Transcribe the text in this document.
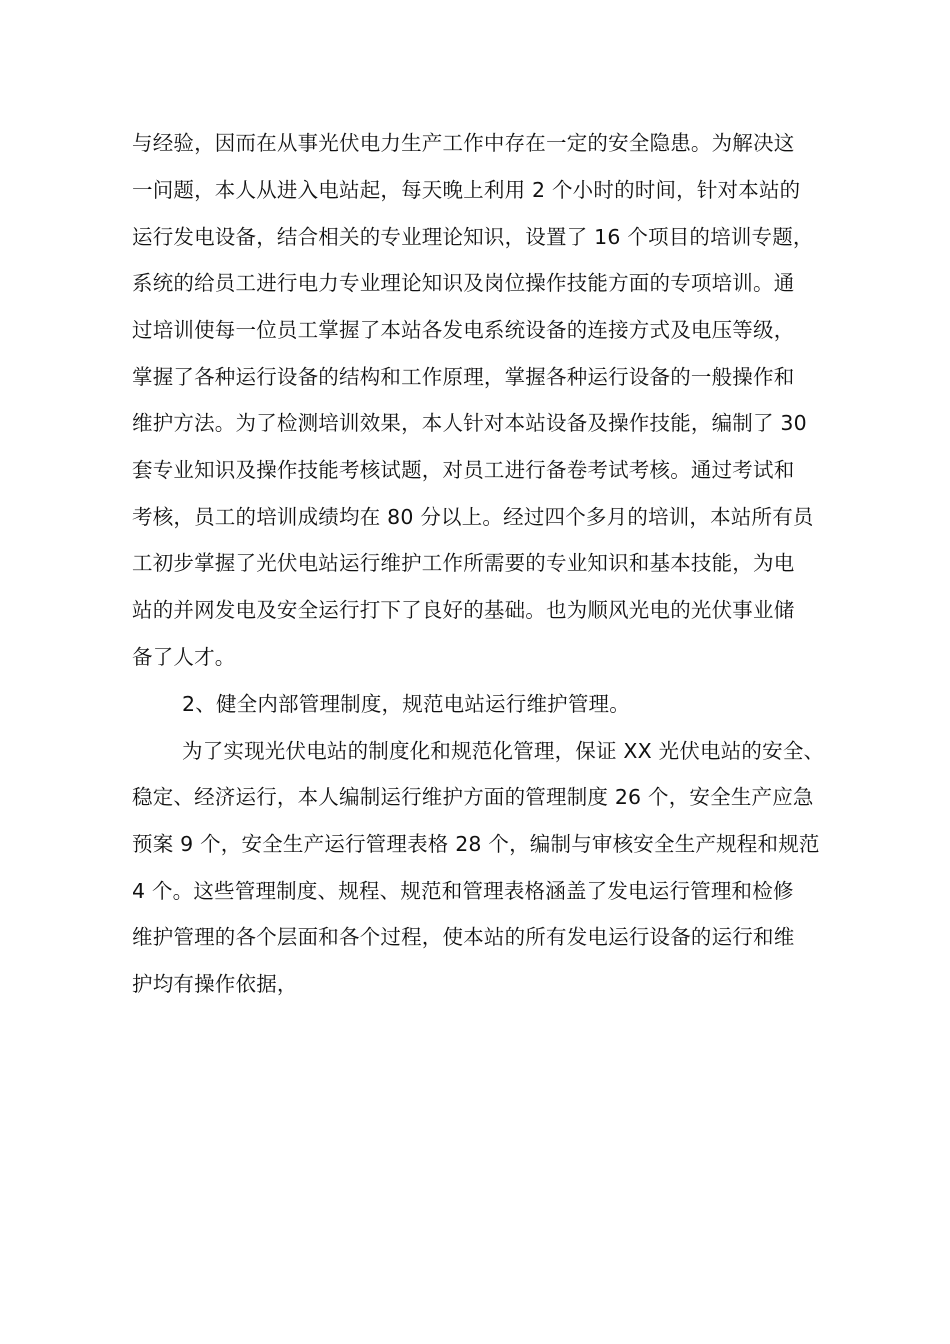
与经验，因而在从事光伏电力生产工作中存在一定的安全隐患。为解决这
一问题，本人从进入电站起，每天晚上利用 2 个小时的时间，针对本站的
运行发电设备，结合相关的专业理论知识，设置了 16 个项目的培训专题，
系统的给员工进行电力专业理论知识及岗位操作技能方面的专项培训。通
过培训使每一位员工掌握了本站各发电系统设备的连接方式及电压等级，
掌握了各种运行设备的结构和工作原理，掌握各种运行设备的一般操作和
维护方法。为了检测培训效果，本人针对本站设备及操作技能，编制了 30
套专业知识及操作技能考核试题，对员工进行备卷考试考核。通过考试和
考核，员工的培训成绩均在 80 分以上。经过四个多月的培训，本站所有员
工初步掌握了光伏电站运行维护工作所需要的专业知识和基本技能，为电
站的并网发电及安全运行打下了良好的基础。也为顺风光电的光伏事业储
备了人才。
2、健全内部管理制度，规范电站运行维护管理。
为了实现光伏电站的制度化和规范化管理，保证 XX 光伏电站的安全、
稳定、经济运行，本人编制运行维护方面的管理制度 26 个，安全生产应急
预案 9 个，安全生产运行管理表格 28 个，编制与审核安全生产规程和规范
4 个。这些管理制度、规程、规范和管理表格涵盖了发电运行管理和检修
维护管理的各个层面和各个过程，使本站的所有发电运行设备的运行和维
护均有操作依据，
